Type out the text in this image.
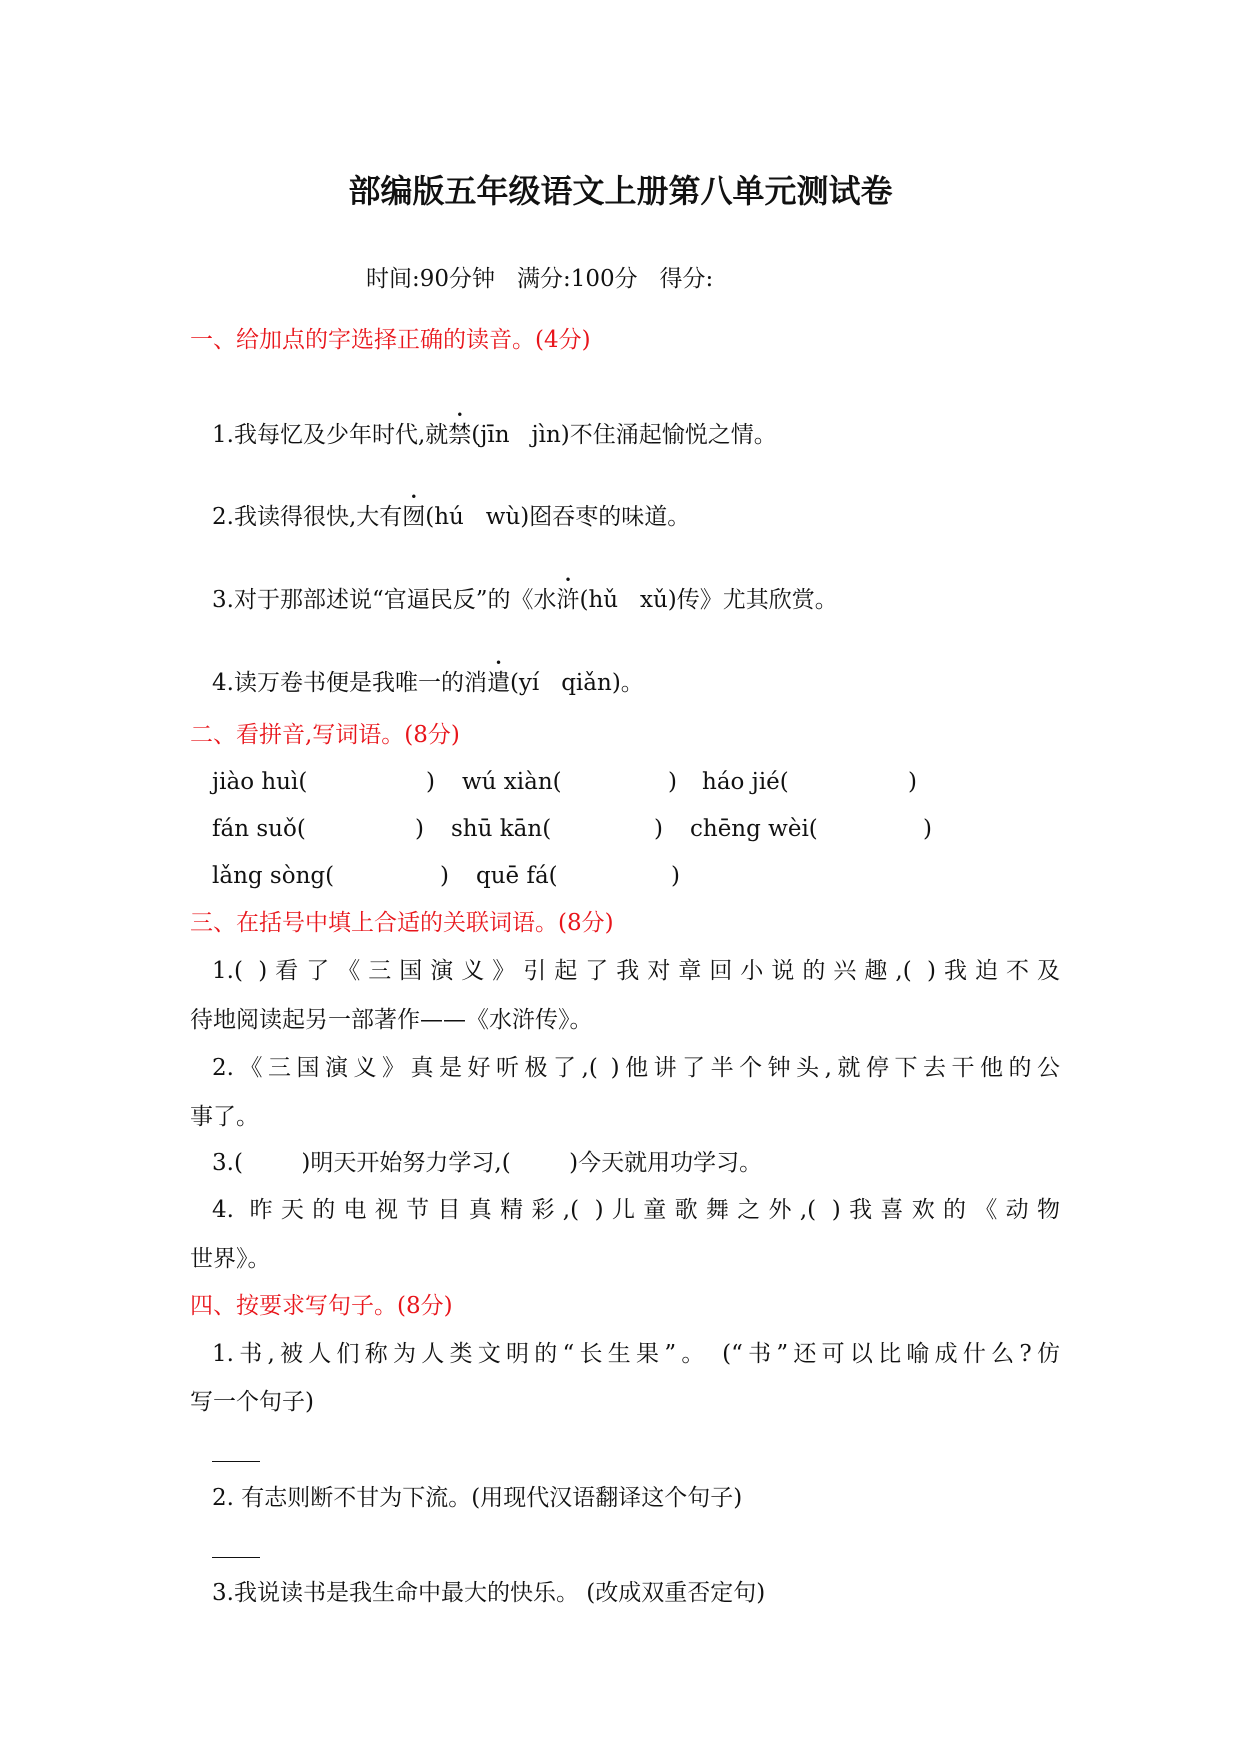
部编版五年级语文上册第八单元测试卷
时间:90分钟   满分:100分   得分:
一、给加点的字选择正确的读音。(4分)
1.我每忆及少年时代,就禁(jīn   jìn)不住涌起愉悦之情。
2.我读得很快,大有囫(hú   wù)囵吞枣的味道。
3.对于那部述说“官逼民反”的《水浒(hǔ   xǔ)传》尤其欣赏。
4.读万卷书便是我唯一的消遣(yí   qiǎn)。
二、看拼音,写词语。(8分)
jiào huì(	) wú xiàn(	) háo jié(	)
fán suǒ(	) shū kān(	) chēng wèi(	)
lǎng sòng(	) quē fá(	)
三、在括号中填上合适的关联词语。(8分)
1.( )看了《三国演义》引起了我对章回小说的兴趣,( )我迫不及
待地阅读起另一部著作——《水浒传》。
2.《三国演义》真是好听极了,( )他讲了半个钟头,就停下去干他的公
事了。
3.(        )明天开始努力学习,(        )今天就用功学习。
4. 昨天的电视节目真精彩,( )儿童歌舞之外,( )我喜欢的《动物
世界》。
四、按要求写句子。(8分)
1.书,被人们称为人类文明的“长生果”。 (“书”还可以比喻成什么?仿
写一个句子)
2. 有志则断不甘为下流。(用现代汉语翻译这个句子)
3.我说读书是我生命中最大的快乐。 (改成双重否定句)
